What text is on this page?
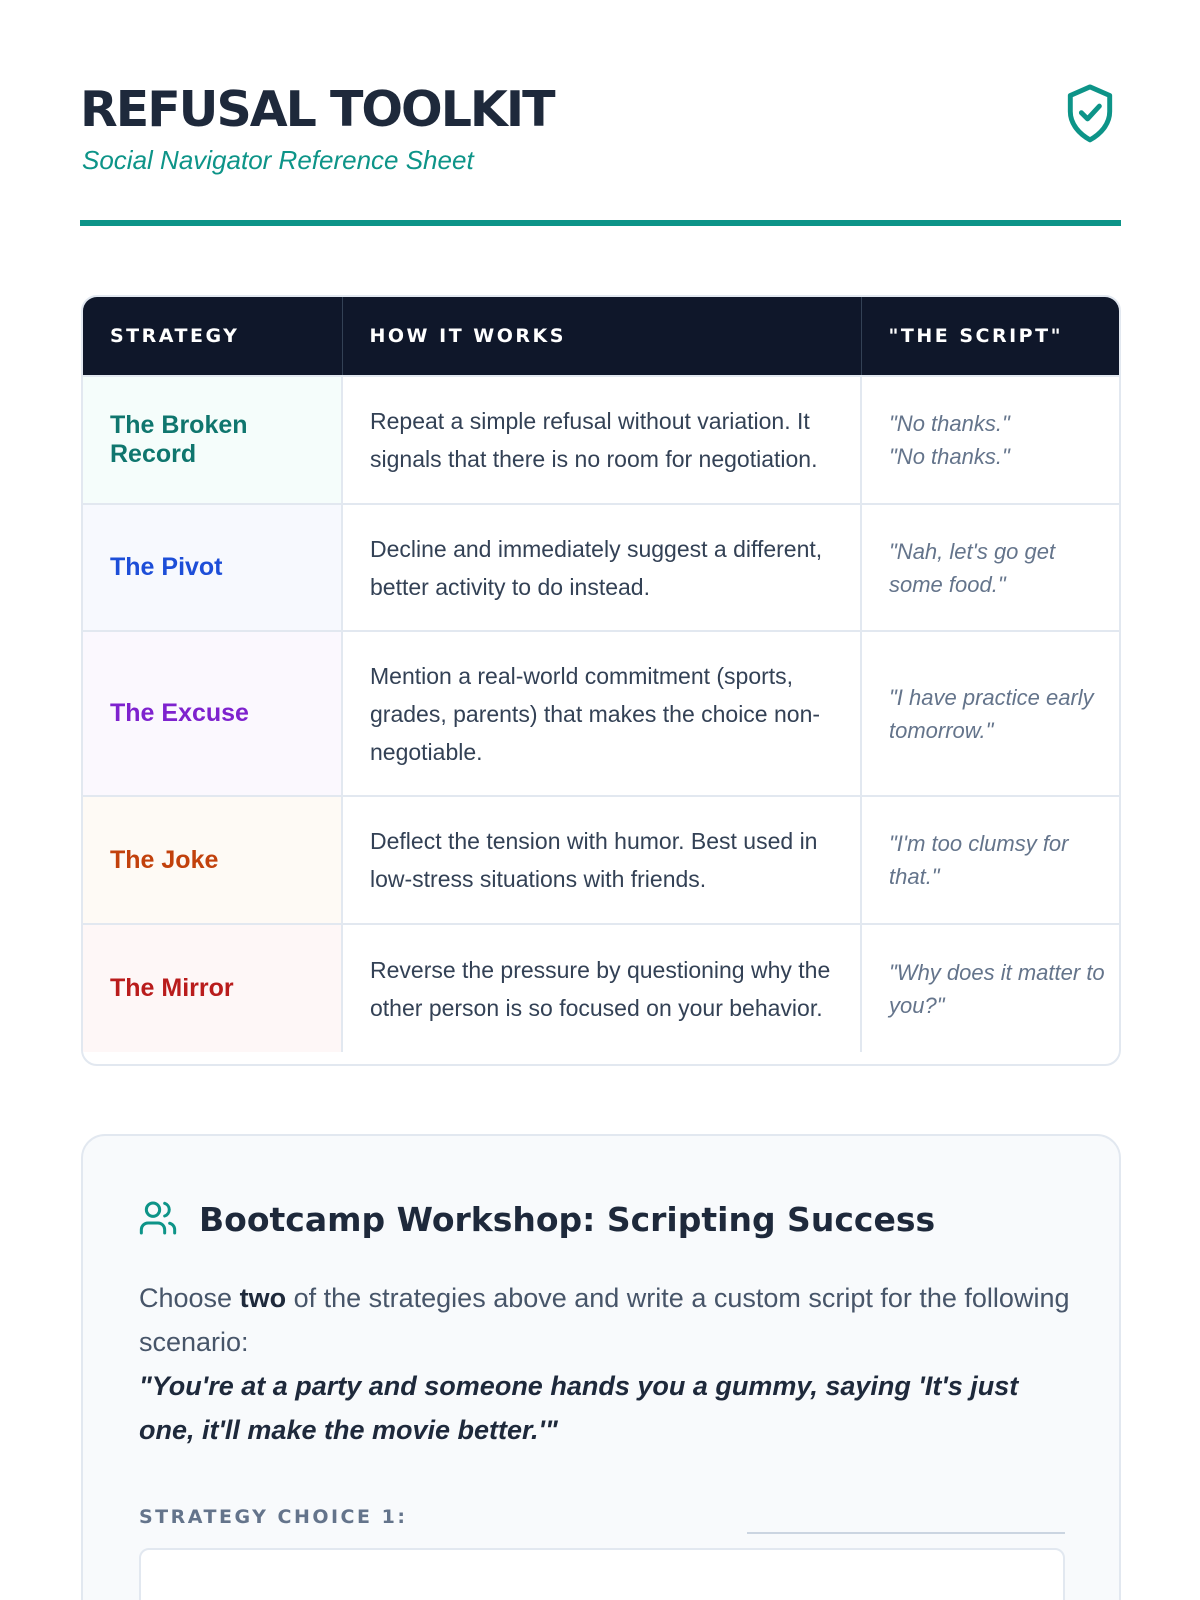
REFUSAL TOOLKIT
Social Navigator Reference Sheet
STRATEGY	HOW IT WORKS	"THE SCRIPT"
The Broken Record	Repeat a simple refusal without variation. It signals that there is no room for negotiation.	"No thanks."
"No thanks."

The Pivot	Decline and immediately suggest a different, better activity to do instead.	"Nah, let's go get some food."

The Excuse	Mention a real-world commitment (sports, grades, parents) that makes the choice non-negotiable.	"I have practice early tomorrow."

The Joke	Deflect the tension with humor. Best used in low-stress situations with friends.	"I'm too clumsy for that."

The Mirror	Reverse the pressure by questioning why the other person is so focused on your behavior.	"Why does it matter to you?"
Bootcamp Workshop: Scripting Success
Choose two of the strategies above and write a custom script for the following scenario:
"You're at a party and someone hands you a gummy, saying 'It's just one, it'll make the movie better.'"
STRATEGY CHOICE 1:
